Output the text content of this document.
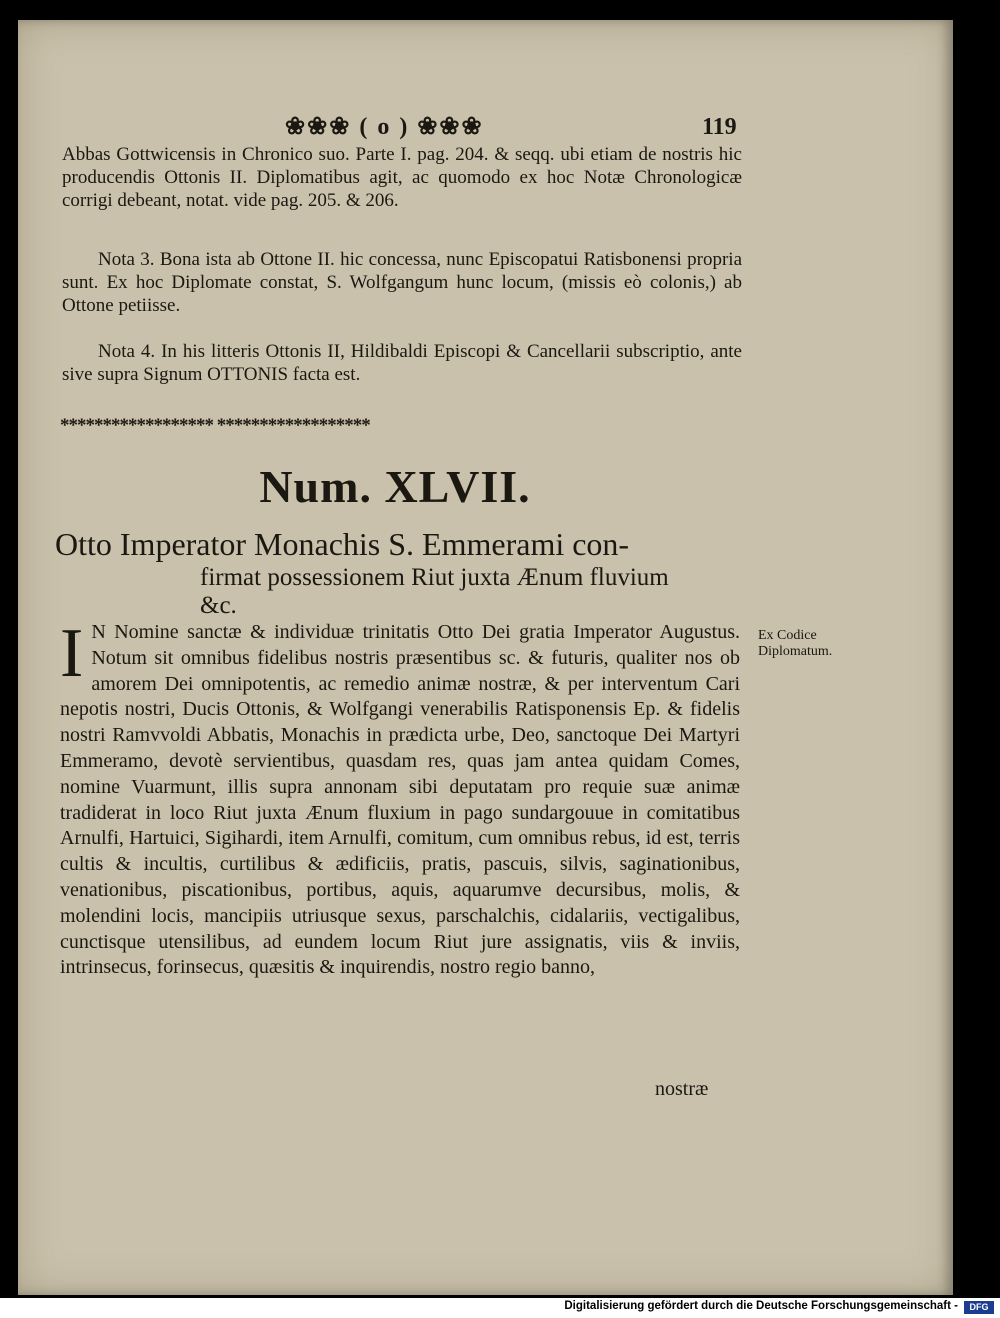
❀❀❀ ( o ) ❀❀❀	119
Abbas Gottwicensis in Chronico suo. Parte I. pag. 204. & seqq. ubi etiam de nostris hic producendis Ottonis II. Diplomatibus agit, ac quomodo ex hoc Notæ Chronologicæ corrigi debeant, notat. vide pag. 205. & 206.
Nota 3. Bona ista ab Ottone II. hic concessa, nunc Episcopatui Ratisbonensi propria sunt. Ex hoc Diplomate constat, S. Wolfgangum hunc locum, (missis eò colonis,) ab Ottone petiisse.
Nota 4. In his litteris Ottonis II, Hildibaldi Episcopi & Cancellarii subscriptio, ante sive supra Signum OTTONIS facta est.
****************** ******************
Num. XLVII.
Otto Imperator Monachis S. Emmerami con-
firmat possessionem Riut juxta Ænum fluvium &c.
I N Nomine sanctæ & individuæ trinitatis Otto Dei gratia Imperator Augustus. Notum sit omnibus fidelibus nostris præsentibus sc. & futuris, qualiter nos ob amorem Dei omnipotentis, ac remedio animæ nostræ, & per interventum Cari nepotis nostri, Ducis Ottonis, & Wolfgangi venerabilis Ratisponensis Ep. & fidelis nostri Ramvvoldi Abbatis, Monachis in prædicta urbe, Deo, sanctoque Dei Martyri Emmeramo, devotè servientibus, quasdam res, quas jam antea quidam Comes, nomine Vuarmunt, illis supra annonam sibi deputatam pro requie suæ animæ tradiderat in loco Riut juxta Ænum fluxium in pago sundargouue in comitatibus Arnulfi, Hartuici, Sigihardi, item Arnulfi, comitum, cum omnibus rebus, id est, terris cultis & incultis, curtilibus & ædificiis, pratis, pascuis, silvis, saginationibus, venationibus, piscationibus, portibus, aquis, aquarumve decursibus, molis, & molendini locis, mancipiis utriusque sexus, parschalchis, cidalariis, vectigalibus, cunctisque utensilibus, ad eundem locum Riut jure assignatis, viis & inviis, intrinsecus, forinsecus, quæsitis & inquirendis, nostro regio banno,
nostræ
Ex Codice Diplomatum.
Digitalisierung gefördert durch die Deutsche Forschungsgemeinschaft -	DFG
